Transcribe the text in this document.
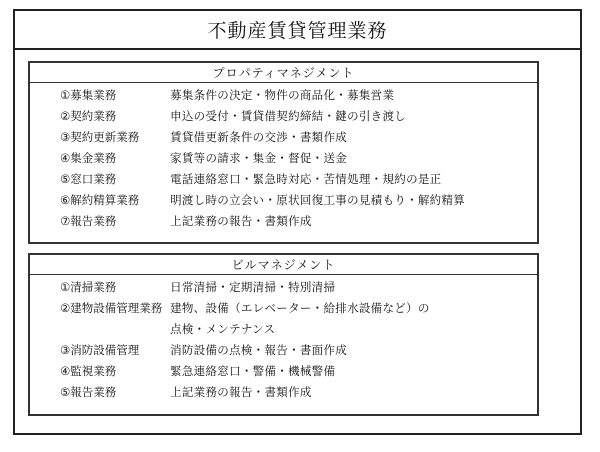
不動産賃貸管理業務
プロパティマネジメント
①募集業務	募集条件の決定・物件の商品化・募集営業
②契約業務	申込の受付・賃貸借契約締結・鍵の引き渡し
③契約更新業務	賃貸借更新条件の交渉・書類作成
④集金業務	家賃等の請求・集金・督促・送金
⑤窓口業務	電話連絡窓口・緊急時対応・苦情処理・規約の是正
⑥解約精算業務	明渡し時の立会い・原状回復工事の見積もり・解約精算
⑦報告業務	上記業務の報告・書類作成
ビルマネジメント
①清掃業務	日常清掃・定期清掃・特別清掃
②建物設備管理業務 建物、設備（エレベーター・給排水設備など）の
点検・メンテナンス
③消防設備管理	消防設備の点検・報告・書面作成
④監視業務	緊急連絡窓口・警備・機械警備
⑤報告業務	上記業務の報告・書類作成
